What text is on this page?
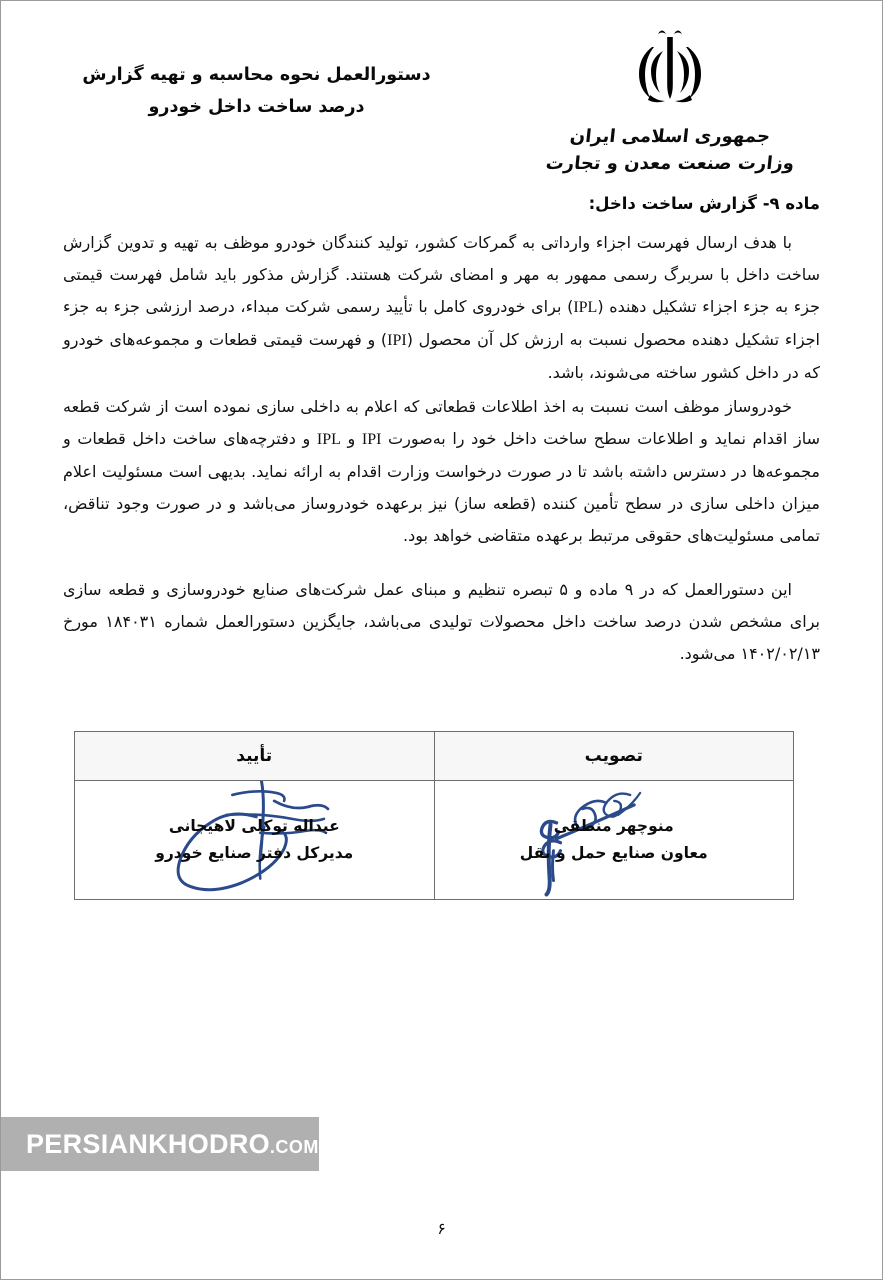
جمهوری اسلامی ایران
وزارت صنعت معدن و تجارت
دستورالعمل نحوه محاسبه و تهیه گزارش
درصد ساخت داخل خودرو
ماده ۹- گزارش ساخت داخل:

با هدف ارسال فهرست اجزاء وارداتی به گمرکات کشور، تولید کنندگان خودرو موظف به تهیه و تدوین گزارش ساخت داخل با سربرگ رسمی ممهور به مهر و امضای شرکت هستند. گزارش مذکور باید شامل فهرست قیمتی جزء به جزء اجزاء تشکیل دهنده (IPL) برای خودروی کامل با تأیید رسمی شرکت مبداء، درصد ارزشی جزء به جزء اجزاء تشکیل دهنده محصول نسبت به ارزش کل آن محصول (IPI) و فهرست قیمتی قطعات و مجموعه‌های خودرو که در داخل کشور ساخته می‌شوند، باشد.

خودروساز موظف است نسبت به اخذ اطلاعات قطعاتی که اعلام به داخلی سازی نموده است از شرکت قطعه ساز اقدام نماید و اطلاعات سطح ساخت داخل خود را به‌صورت IPI و IPL و دفترچه‌های ساخت داخل قطعات و مجموعه‌ها در دسترس داشته باشد تا در صورت درخواست وزارت اقدام به ارائه نماید. بدیهی است مسئولیت اعلام میزان داخلی سازی در سطح تأمین کننده (قطعه ساز) نیز برعهده خودروساز می‌باشد و در صورت وجود تناقض، تمامی مسئولیت‌های حقوقی مرتبط برعهده متقاضی خواهد بود.

این دستورالعمل که در ۹ ماده و ۵ تبصره تنظیم و مبنای عمل شرکت‌های صنایع خودروسازی و قطعه سازی برای مشخص شدن درصد ساخت داخل محصولات تولیدی می‌باشد، جایگزین دستورالعمل شماره ۱۸۴۰۳۱ مورخ ۱۴۰۲/۰۲/۱۳ می‌شود.

تصویب	تأیید

منوچهر منطقی
معاون صنایع حمل و نقل

عبداله توکلی لاهیجانی
مدیرکل دفتر صنایع خودرو
PERSIANKHODRO.COM
۶
